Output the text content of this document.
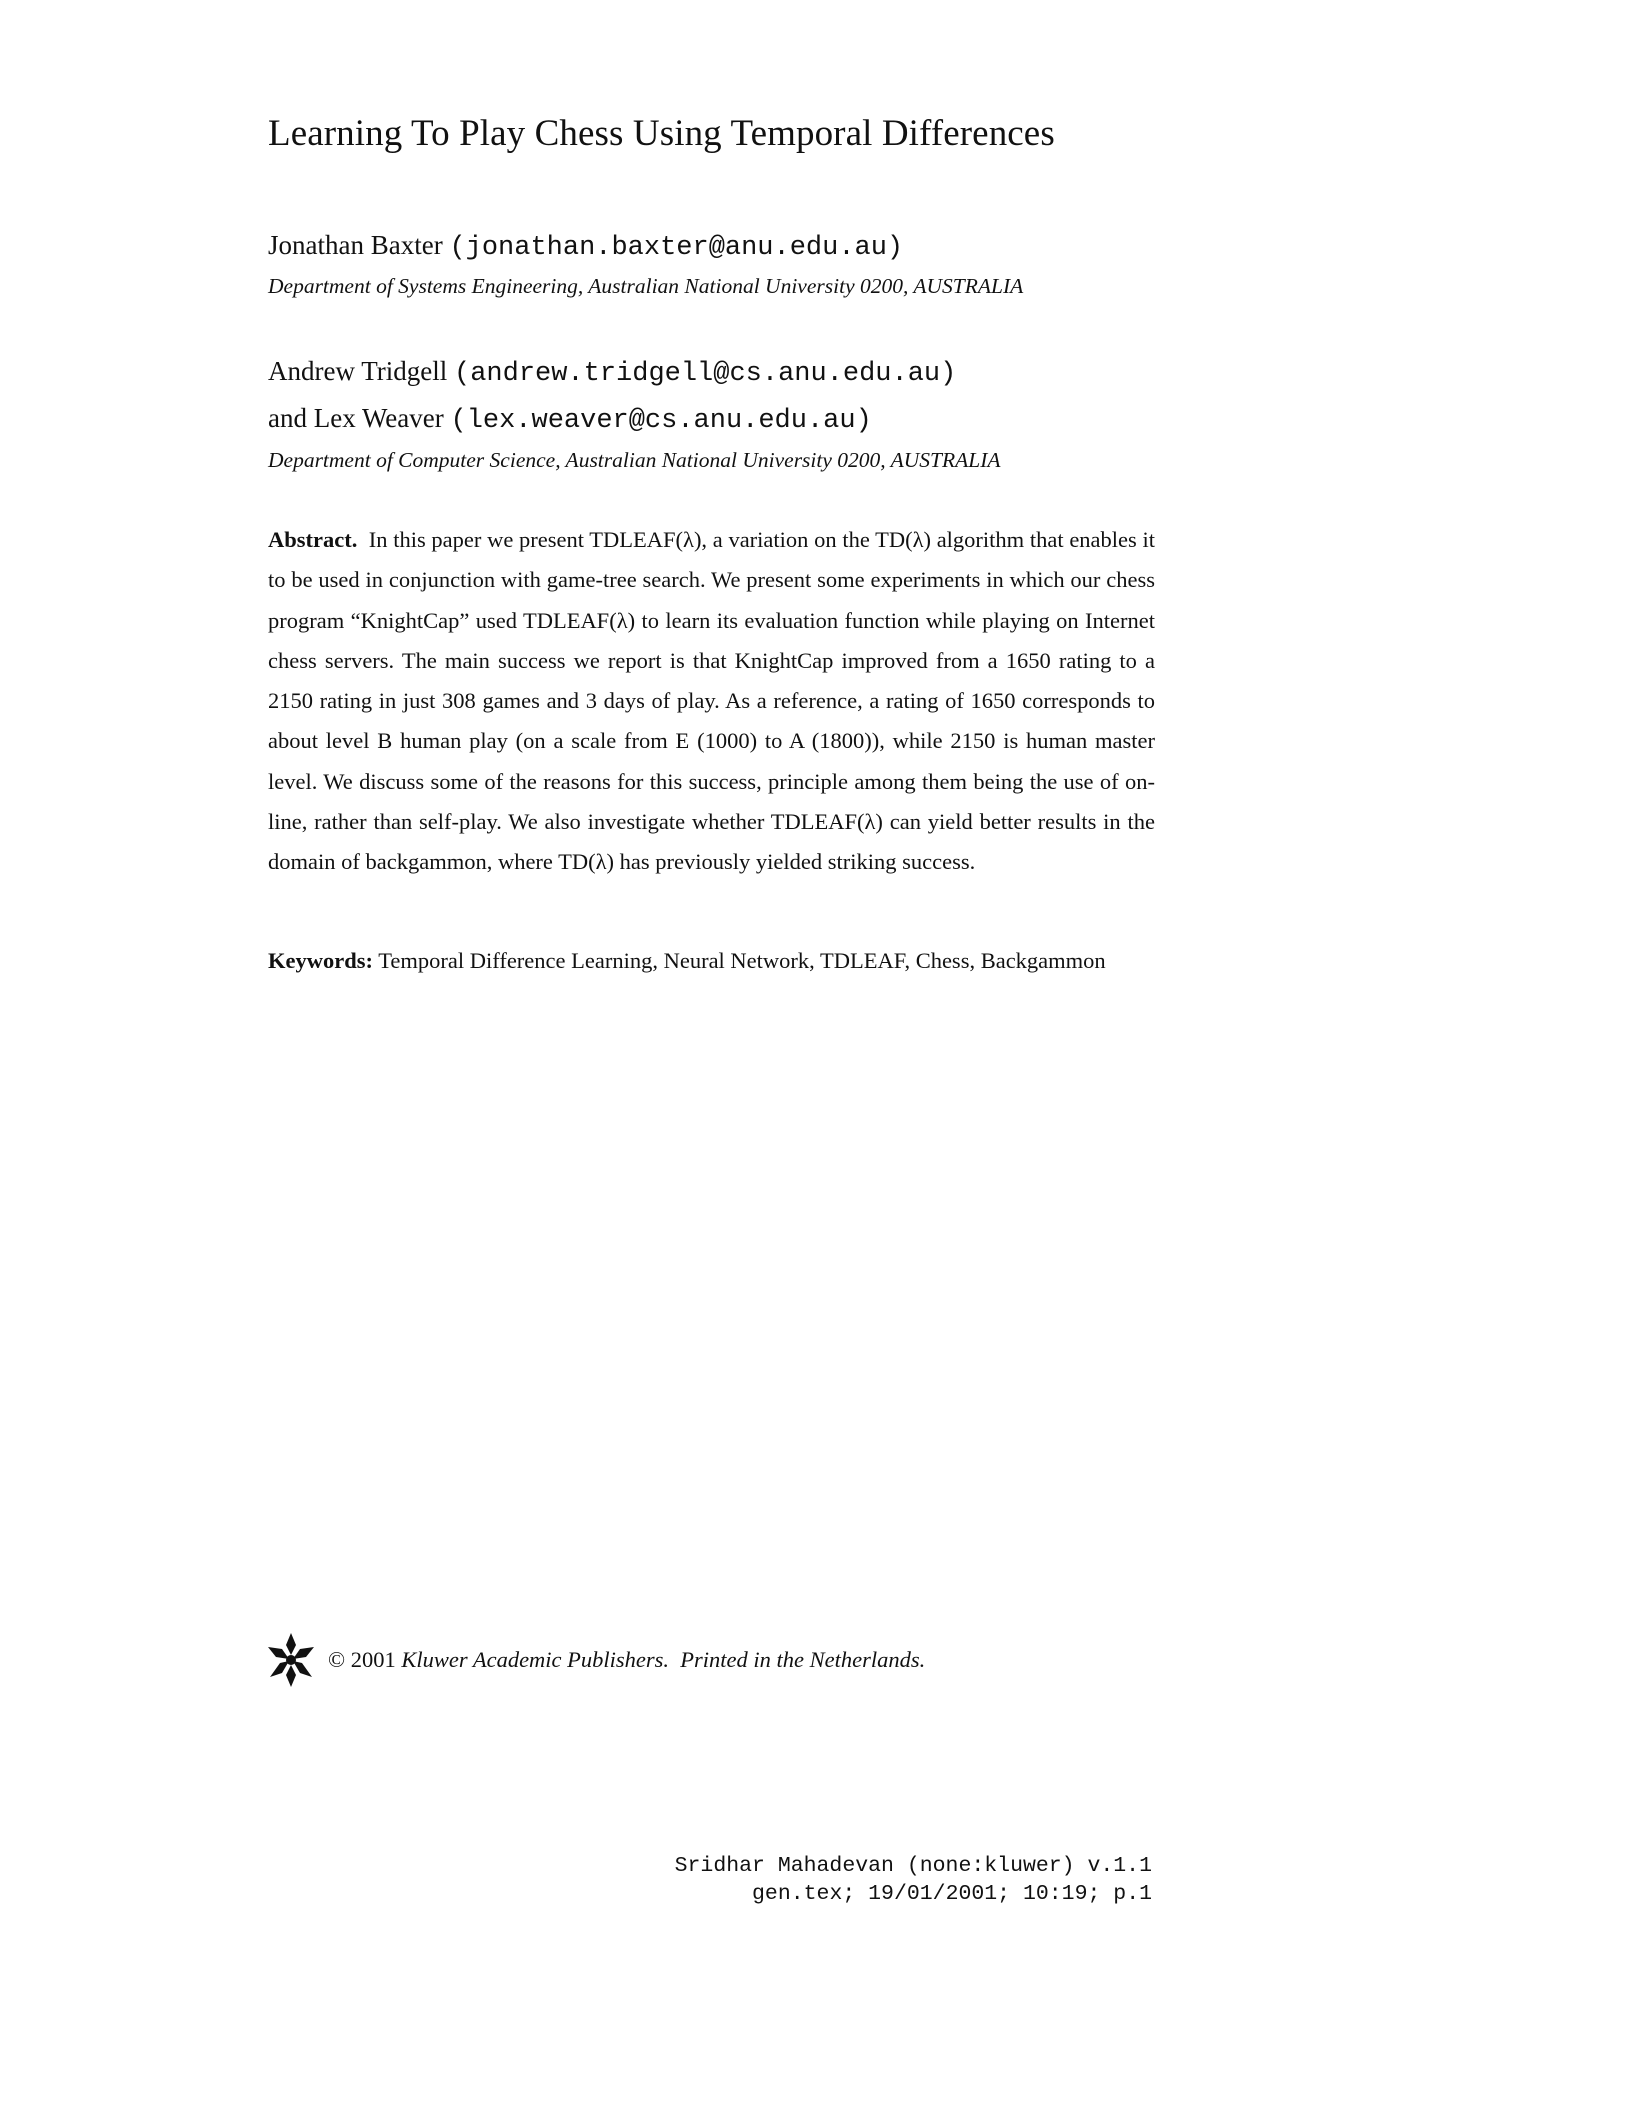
Learning To Play Chess Using Temporal Differences
Jonathan Baxter (jonathan.baxter@anu.edu.au)
Department of Systems Engineering, Australian National University 0200, AUSTRALIA
Andrew Tridgell (andrew.tridgell@cs.anu.edu.au)
and Lex Weaver (lex.weaver@cs.anu.edu.au)
Department of Computer Science, Australian National University 0200, AUSTRALIA
Abstract. In this paper we present TDLEAF(λ), a variation on the TD(λ) algorithm that enables it to be used in conjunction with game-tree search. We present some experiments in which our chess program “KnightCap” used TDLEAF(λ) to learn its evaluation function while playing on Internet chess servers. The main success we report is that KnightCap improved from a 1650 rating to a 2150 rating in just 308 games and 3 days of play. As a reference, a rating of 1650 corresponds to about level B human play (on a scale from E (1000) to A (1800)), while 2150 is human master level. We discuss some of the reasons for this success, principle among them being the use of on-line, rather than self-play. We also investigate whether TDLEAF(λ) can yield better results in the domain of backgammon, where TD(λ) has previously yielded striking success.
Keywords: Temporal Difference Learning, Neural Network, TDLEAF, Chess, Backgammon
© 2001 Kluwer Academic Publishers. Printed in the Netherlands.
Sridhar Mahadevan (none:kluwer) v.1.1
gen.tex; 19/01/2001; 10:19; p.1
